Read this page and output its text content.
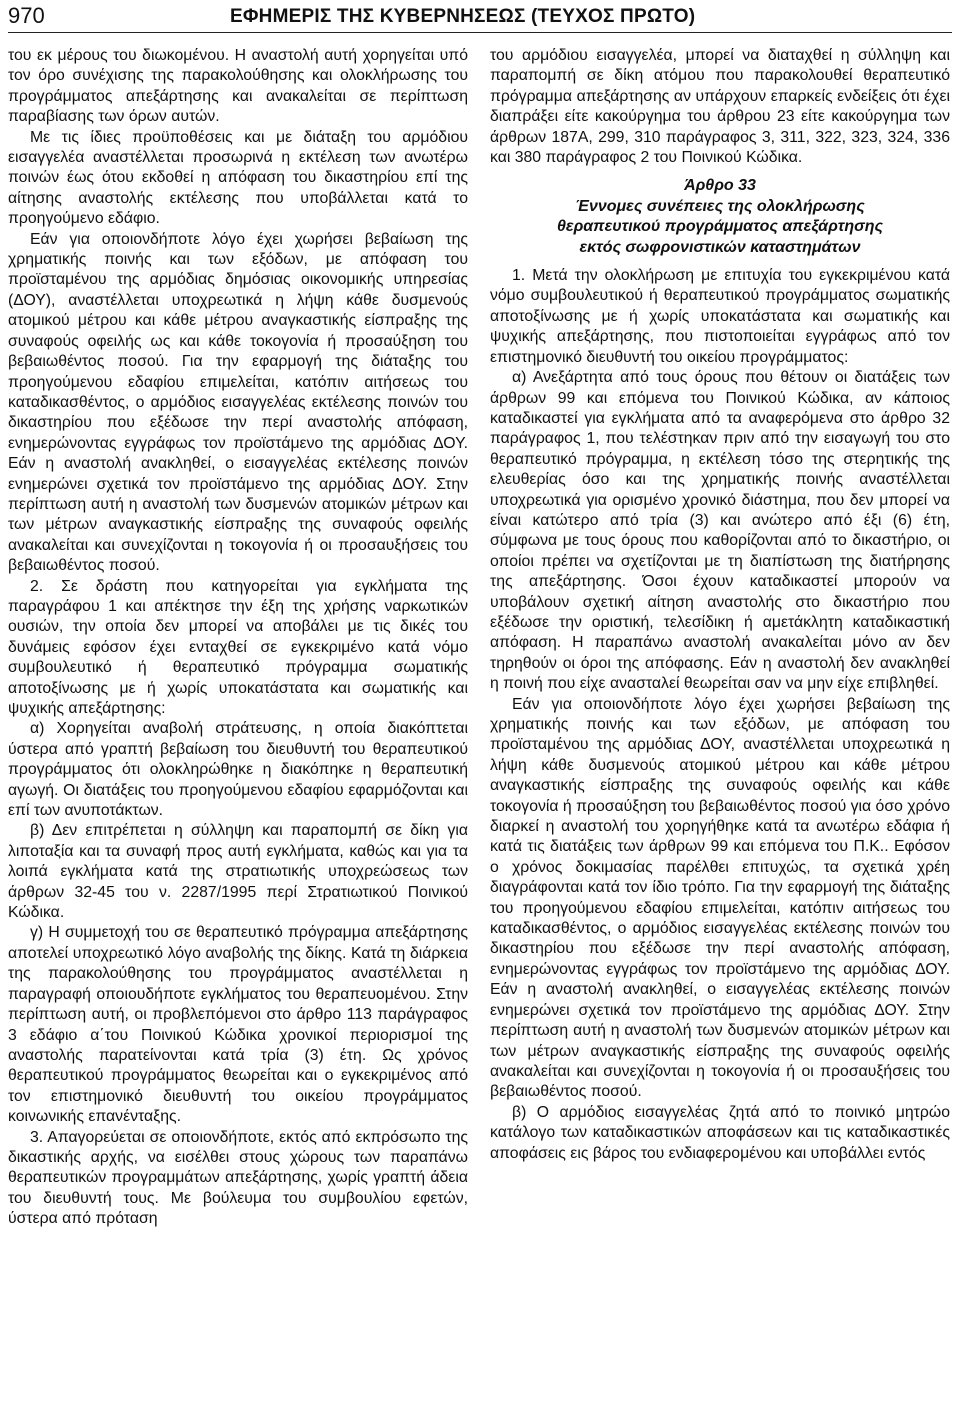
970	ΕΦΗΜΕΡΙΣ ΤΗΣ ΚΥΒΕΡΝΗΣΕΩΣ (ΤΕΥΧΟΣ ΠΡΩΤΟ)

του εκ μέρους του διωκομένου. Η αναστολή αυτή χορηγείται υπό τον όρο συνέχισης της παρακολούθησης και ολοκλήρωσης του προγράμματος απεξάρτησης και ανακαλείται σε περίπτωση παραβίασης των όρων αυτών.

Με τις ίδιες προϋποθέσεις και με διάταξη του αρμόδιου εισαγγελέα αναστέλλεται προσωρινά η εκτέλεση των ανωτέρω ποινών έως ότου εκδοθεί η απόφαση του δικαστηρίου επί της αίτησης αναστολής εκτέλεσης που υποβάλλεται κατά το προηγούμενο εδάφιο.

Εάν για οποιονδήποτε λόγο έχει χωρήσει βεβαίωση της χρηματικής ποινής και των εξόδων, με απόφαση του προϊσταμένου της αρμόδιας δημόσιας οικονομικής υπηρεσίας (ΔΟΥ), αναστέλλεται υποχρεωτικά η λήψη κάθε δυσμενούς ατομικού μέτρου και κάθε μέτρου αναγκαστικής είσπραξης της συναφούς οφειλής ως και κάθε τοκογονία ή προσαύξηση του βεβαιωθέντος ποσού. Για την εφαρμογή της διάταξης του προηγούμενου εδαφίου επιμελείται, κατόπιν αιτήσεως του καταδικασθέντος, ο αρμόδιος εισαγγελέας εκτέλεσης ποινών του δικαστηρίου που εξέδωσε την περί αναστολής απόφαση, ενημερώνοντας εγγράφως τον προϊστάμενο της αρμόδιας ΔΟΥ. Εάν η αναστολή ανακληθεί, ο εισαγγελέας εκτέλεσης ποινών ενημερώνει σχετικά τον προϊστάμενο της αρμόδιας ΔΟΥ. Στην περίπτωση αυτή η αναστολή των δυσμενών ατομικών μέτρων και των μέτρων αναγκαστικής είσπραξης της συναφούς οφειλής ανακαλείται και συνεχίζονται η τοκογονία ή οι προσαυξήσεις του βεβαιωθέντος ποσού.

2. Σε δράστη που κατηγορείται για εγκλήματα της παραγράφου 1 και απέκτησε την έξη της χρήσης ναρκωτικών ουσιών, την οποία δεν μπορεί να αποβάλει με τις δικές του δυνάμεις εφόσον έχει ενταχθεί σε εγκεκριμένο κατά νόμο συμβουλευτικό ή θεραπευτικό πρόγραμμα σωματικής αποτοξίνωσης με ή χωρίς υποκατάστατα και σωματικής και ψυχικής απεξάρτησης:

α) Χορηγείται αναβολή στράτευσης, η οποία διακόπτεται ύστερα από γραπτή βεβαίωση του διευθυντή του θεραπευτικού προγράμματος ότι ολοκληρώθηκε η διακόπηκε η θεραπευτική αγωγή. Οι διατάξεις του προηγούμενου εδαφίου εφαρμόζονται και επί των ανυποτάκτων.

β) Δεν επιτρέπεται η σύλληψη και παραπομπή σε δίκη για λιποταξία και τα συναφή προς αυτή εγκλήματα, καθώς και για τα λοιπά εγκλήματα κατά της στρατιωτικής υποχρεώσεως των άρθρων 32-45 του ν. 2287/1995 περί Στρατιωτικού Ποινικού Κώδικα.

γ) Η συμμετοχή του σε θεραπευτικό πρόγραμμα απεξάρτησης αποτελεί υποχρεωτικό λόγο αναβολής της δίκης. Κατά τη διάρκεια της παρακολούθησης του προγράμματος αναστέλλεται η παραγραφή οποιουδήποτε εγκλήματος του θεραπευομένου. Στην περίπτωση αυτή, οι προβλεπόμενοι στο άρθρο 113 παράγραφος 3 εδάφιο α΄του Ποινικού Κώδικα χρονικοί περιορισμοί της αναστολής παρατείνονται κατά τρία (3) έτη. Ως χρόνος θεραπευτικού προγράμματος θεωρείται και ο εγκεκριμένος από τον επιστημονικό διευθυντή του οικείου προγράμματος κοινωνικής επανένταξης.

3. Απαγορεύεται σε οποιονδήποτε, εκτός από εκπρόσωπο της δικαστικής αρχής, να εισέλθει στους χώρους των παραπάνω θεραπευτικών προγραμμάτων απεξάρτησης, χωρίς γραπτή άδεια του διευθυντή τους. Με βούλευμα του συμβουλίου εφετών, ύστερα από πρόταση

του αρμόδιου εισαγγελέα, μπορεί να διαταχθεί η σύλληψη και παραπομπή σε δίκη ατόμου που παρακολουθεί θεραπευτικό πρόγραμμα απεξάρτησης αν υπάρχουν επαρκείς ενδείξεις ότι έχει διαπράξει είτε κακούργημα του άρθρου 23 είτε κακούργημα των άρθρων 187Α, 299, 310 παράγραφος 3, 311, 322, 323, 324, 336 και 380 παράγραφος 2 του Ποινικού Κώδικα.

Άρθρο 33
Έννομες συνέπειες της ολοκλήρωσης
θεραπευτικού προγράμματος απεξάρτησης
εκτός σωφρονιστικών καταστημάτων

1. Μετά την ολοκλήρωση με επιτυχία του εγκεκριμένου κατά νόμο συμβουλευτικού ή θεραπευτικού προγράμματος σωματικής αποτοξίνωσης με ή χωρίς υποκατάστατα και σωματικής και ψυχικής απεξάρτησης, που πιστοποιείται εγγράφως από τον επιστημονικό διευθυντή του οικείου προγράμματος:

α) Ανεξάρτητα από τους όρους που θέτουν οι διατάξεις των άρθρων 99 και επόμενα του Ποινικού Κώδικα, αν κάποιος καταδικαστεί για εγκλήματα από τα αναφερόμενα στο άρθρο 32 παράγραφος 1, που τελέστηκαν πριν από την εισαγωγή του στο θεραπευτικό πρόγραμμα, η εκτέλεση τόσο της στερητικής της ελευθερίας όσο και της χρηματικής ποινής αναστέλλεται υποχρεωτικά για ορισμένο χρονικό διάστημα, που δεν μπορεί να είναι κατώτερο από τρία (3) και ανώτερο από έξι (6) έτη, σύμφωνα με τους όρους που καθορίζονται από το δικαστήριο, οι οποίοι πρέπει να σχετίζονται με τη διαπίστωση της διατήρησης της απεξάρτησης. Όσοι έχουν καταδικαστεί μπορούν να υποβάλουν σχετική αίτηση αναστολής στο δικαστήριο που εξέδωσε την οριστική, τελεσίδικη ή αμετάκλητη καταδικαστική απόφαση. Η παραπάνω αναστολή ανακαλείται μόνο αν δεν τηρηθούν οι όροι της απόφασης. Εάν η αναστολή δεν ανακληθεί η ποινή που είχε ανασταλεί θεωρείται σαν να μην είχε επιβληθεί.

Εάν για οποιονδήποτε λόγο έχει χωρήσει βεβαίωση της χρηματικής ποινής και των εξόδων, με απόφαση του προϊσταμένου της αρμόδιας ΔΟΥ, αναστέλλεται υποχρεωτικά η λήψη κάθε δυσμενούς ατομικού μέτρου και κάθε μέτρου αναγκαστικής είσπραξης της συναφούς οφειλής και κάθε τοκογονία ή προσαύξηση του βεβαιωθέντος ποσού για όσο χρόνο διαρκεί η αναστολή του χορηγήθηκε κατά τα ανωτέρω εδάφια ή κατά τις διατάξεις των άρθρων 99 και επόμενα του Π.Κ.. Εφόσον ο χρόνος δοκιμασίας παρέλθει επιτυχώς, τα σχετικά χρέη διαγράφονται κατά τον ίδιο τρόπο. Για την εφαρμογή της διάταξης του προηγούμενου εδαφίου επιμελείται, κατόπιν αιτήσεως του καταδικασθέντος, ο αρμόδιος εισαγγελέας εκτέλεσης ποινών του δικαστηρίου που εξέδωσε την περί αναστολής απόφαση, ενημερώνοντας εγγράφως τον προϊστάμενο της αρμόδιας ΔΟΥ. Εάν η αναστολή ανακληθεί, ο εισαγγελέας εκτέλεσης ποινών ενημερώνει σχετικά τον προϊστάμενο της αρμόδιας ΔΟΥ. Στην περίπτωση αυτή η αναστολή των δυσμενών ατομικών μέτρων και των μέτρων αναγκαστικής είσπραξης της συναφούς οφειλής ανακαλείται και συνεχίζονται η τοκογονία ή οι προσαυξήσεις του βεβαιωθέντος ποσού.

β) Ο αρμόδιος εισαγγελέας ζητά από το ποινικό μητρώο κατάλογο των καταδικαστικών αποφάσεων και τις καταδικαστικές αποφάσεις εις βάρος του ενδιαφερομένου και υποβάλλει εντός
